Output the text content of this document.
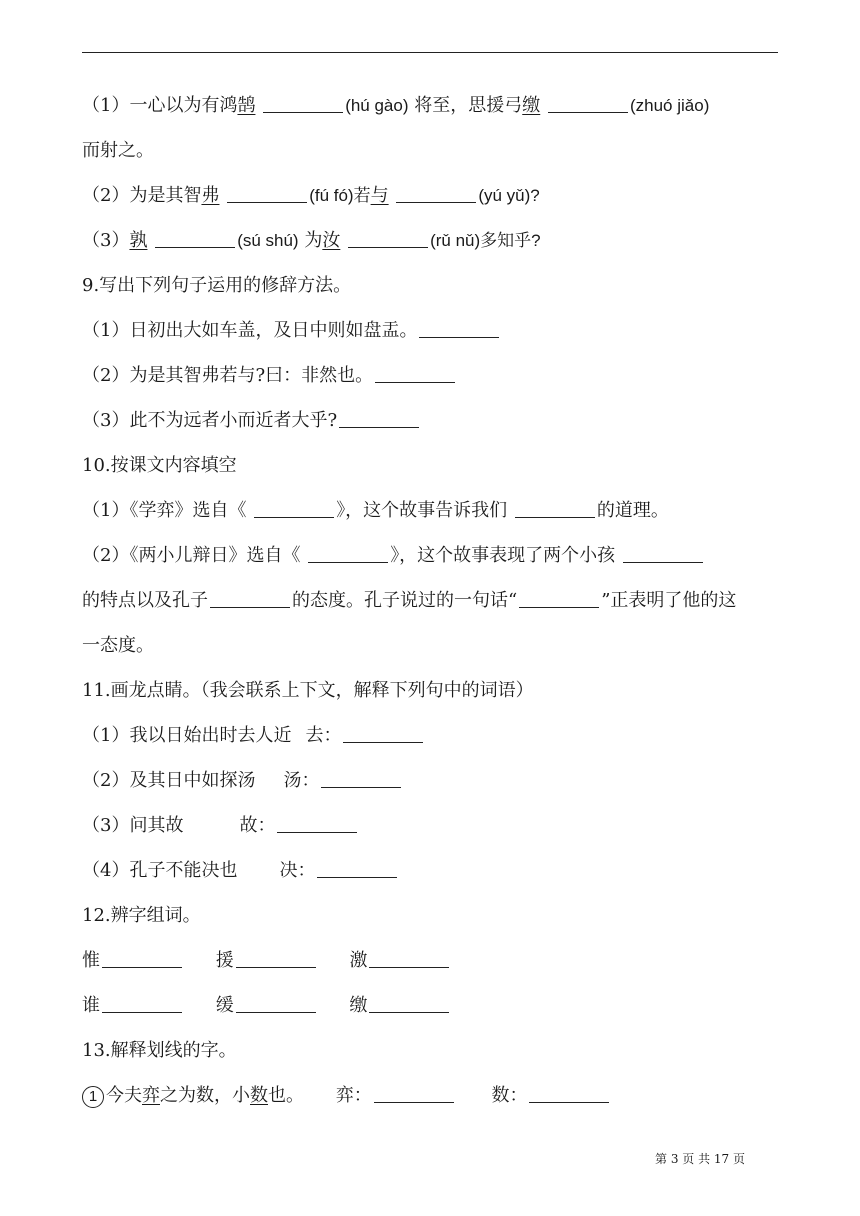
（1）一心以为有鸿鹄	(hú gào) 将至，思援弓缴	(zhuó jiǎo)
而射之。
（2）为是其智弗	(fú fó)若与	(yú yǔ)?
（3）孰	(sú shú) 为汝	(rǔ nǔ)多知乎?
9.写出下列句子运用的修辞方法。
（1）日初出大如车盖，及日中则如盘盂。
（2）为是其智弗若与?曰：非然也。
（3）此不为远者小而近者大乎?
10.按课文内容填空
（1）《学弈》选自《	》，这个故事告诉我们	的道理。
（2）《两小儿辩日》选自《	》，这个故事表现了两个小孩
的特点以及孔子	的态度。孔子说过的一句话“	”正表明了他的这
一态度。
11.画龙点睛。（我会联系上下文，解释下列句中的词语）
（1）我以日始出时去人近 去：
（2）及其日中如探汤 汤：
（3）问其故	故：
（4）孔子不能决也 决：
12.辨字组词。
惟	援	激
谁	缓	缴
13.解释划线的字。
1 今夫弈之为数，小数也。 弈：	数：
第 3 页 共 17 页
